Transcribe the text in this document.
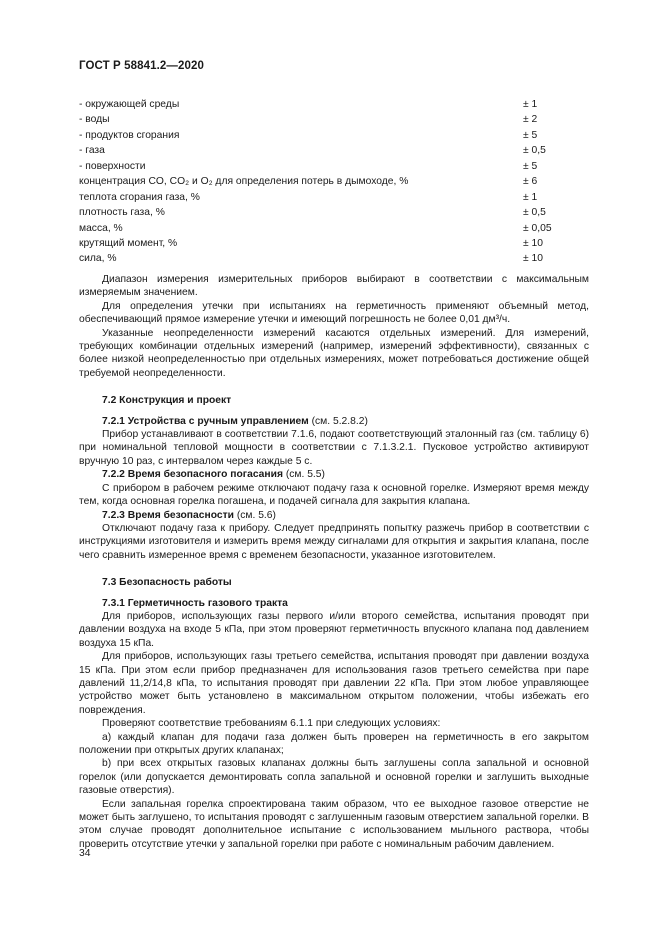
ГОСТ Р 58841.2—2020
- окружающей среды	± 1
- воды	± 2
- продуктов сгорания	± 5
- газа	± 0,5
- поверхности	± 5
концентрация CO, CO₂ и O₂ для определения потерь в дымоходе, %	± 6
теплота сгорания газа, %	± 1
плотность газа, %	± 0,5
масса, %	± 0,05
крутящий момент, %	± 10
сила, %	± 10

Диапазон измерения измерительных приборов выбирают в соответствии с максимальным измеряемым значением.

Для определения утечки при испытаниях на герметичность применяют объемный метод, обеспечивающий прямое измерение утечки и имеющий погрешность не более 0,01 дм³/ч.

Указанные неопределенности измерений касаются отдельных измерений. Для измерений, требующих комбинации отдельных измерений (например, измерений эффективности), связанных с более низкой неопределенностью при отдельных измерениях, может потребоваться достижение общей требуемой неопределенности.

7.2 Конструкция и проект

7.2.1 Устройства с ручным управлением (см. 5.2.8.2)

Прибор устанавливают в соответствии 7.1.6, подают соответствующий эталонный газ (см. таблицу 6) при номинальной тепловой мощности в соответствии с 7.1.3.2.1. Пусковое устройство активируют вручную 10 раз, с интервалом через каждые 5 с.

7.2.2 Время безопасного погасания (см. 5.5)

С прибором в рабочем режиме отключают подачу газа к основной горелке. Измеряют время между тем, когда основная горелка погашена, и подачей сигнала для закрытия клапана.

7.2.3 Время безопасности (см. 5.6)

Отключают подачу газа к прибору. Следует предпринять попытку разжечь прибор в соответствии с инструкциями изготовителя и измерить время между сигналами для открытия и закрытия клапана, после чего сравнить измеренное время с временем безопасности, указанное изготовителем.

7.3 Безопасность работы

7.3.1 Герметичность газового тракта

Для приборов, использующих газы первого и/или второго семейства, испытания проводят при давлении воздуха на входе 5 кПа, при этом проверяют герметичность впускного клапана под давлением воздуха 15 кПа.

Для приборов, использующих газы третьего семейства, испытания проводят при давлении воздуха 15 кПа. При этом если прибор предназначен для использования газов третьего семейства при паре давлений 11,2/14,8 кПа, то испытания проводят при давлении 22 кПа. При этом любое управляющее устройство может быть установлено в максимальном открытом положении, чтобы избежать его повреждения.

Проверяют соответствие требованиям 6.1.1 при следующих условиях:

а) каждый клапан для подачи газа должен быть проверен на герметичность в его закрытом положении при открытых других клапанах;

b) при всех открытых газовых клапанах должны быть заглушены сопла запальной и основной горелок (или допускается демонтировать сопла запальной и основной горелки и заглушить выходные газовые отверстия).

Если запальная горелка спроектирована таким образом, что ее выходное газовое отверстие не может быть заглушено, то испытания проводят с заглушенным газовым отверстием запальной горелки. В этом случае проводят дополнительное испытание с использованием мыльного раствора, чтобы проверить отсутствие утечки у запальной горелки при работе с номинальным рабочим давлением.

34
